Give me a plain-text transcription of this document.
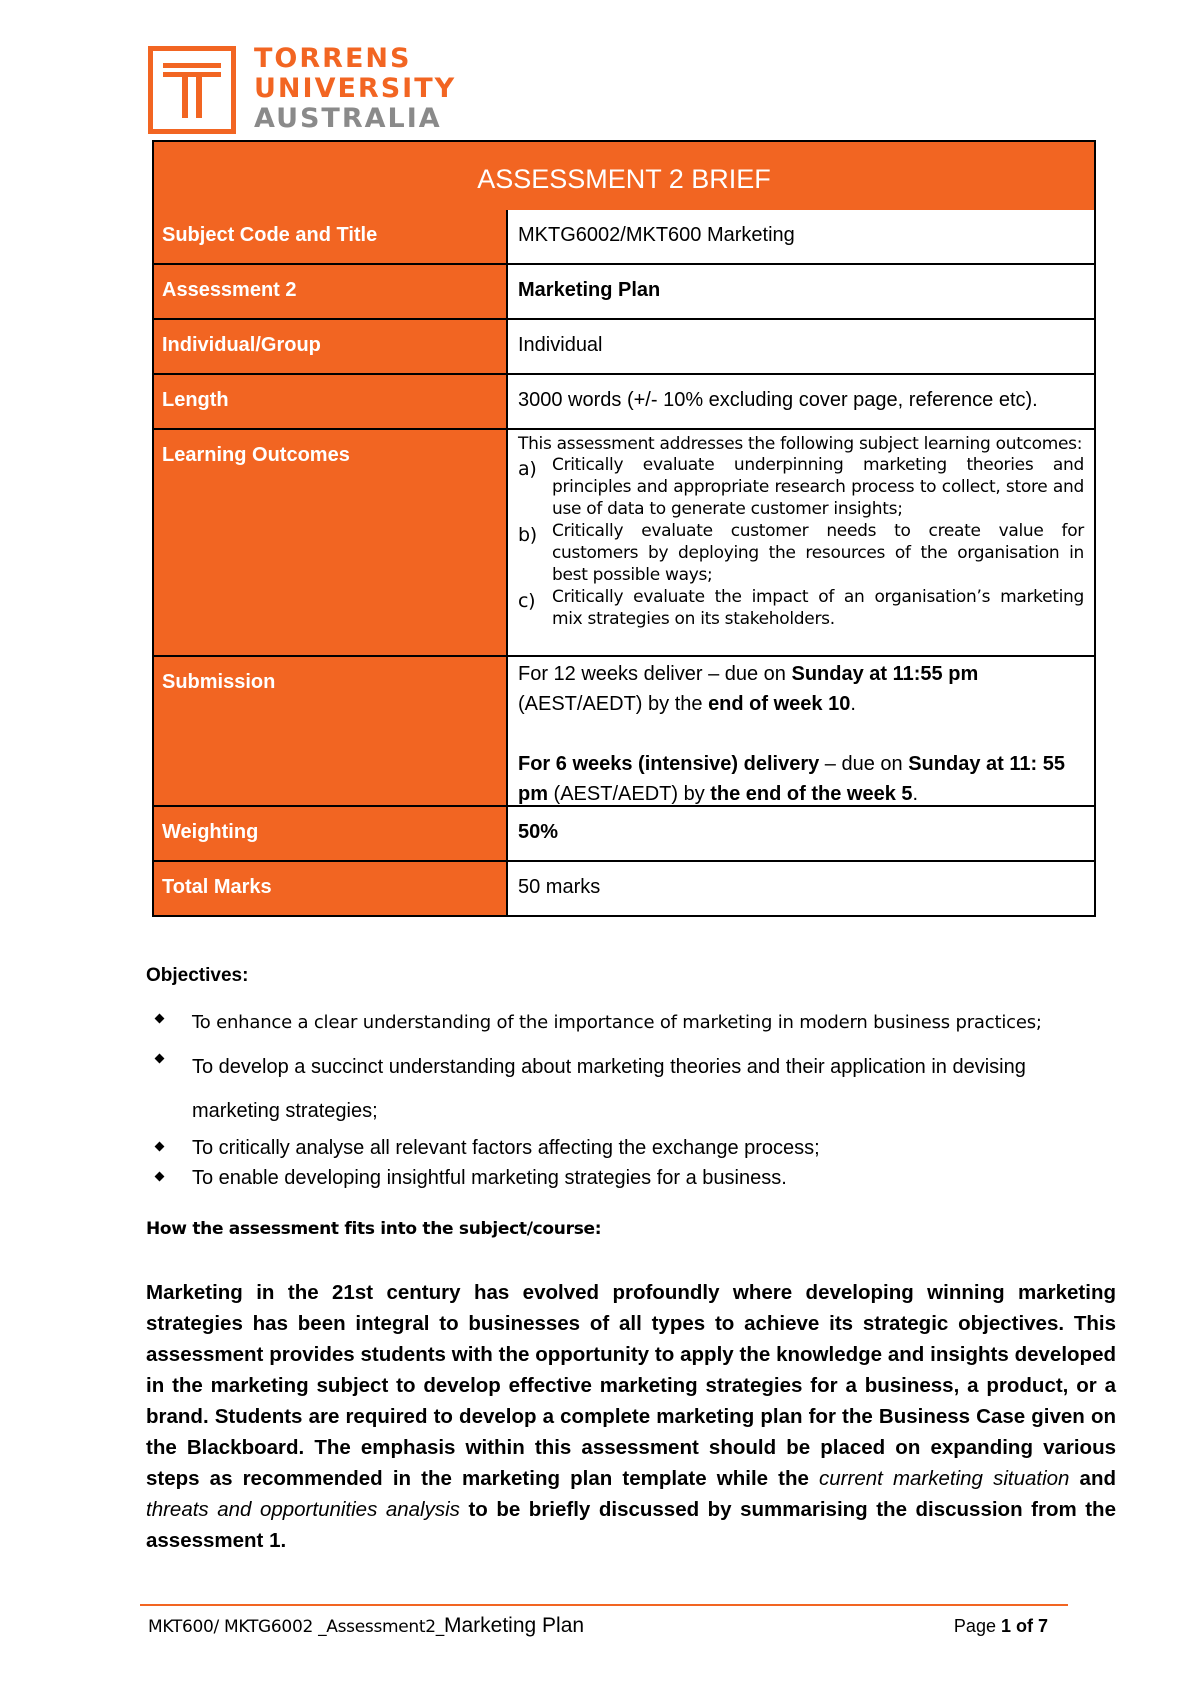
TORRENS
UNIVERSITY
AUSTRALIA
ASSESSMENT 2 BRIEF
Subject Code and Title	MKTG6002/MKT600 Marketing
Assessment 2	Marketing Plan
Individual/Group	Individual
Length	3000 words (+/- 10% excluding cover page, reference etc).
Learning Outcomes	This assessment addresses the following subject learning outcomes:
a) Critically evaluate underpinning marketing theories and principles and appropriate research process to collect, store and use of data to generate customer insights;
b) Critically evaluate customer needs to create value for customers by deploying the resources of the organisation in best possible ways;
c) Critically evaluate the impact of an organisation’s marketing mix strategies on its stakeholders.
Submission	For 12 weeks deliver – due on Sunday at 11:55 pm (AEST/AEDT) by the end of week 10.
For 6 weeks (intensive) delivery – due on Sunday at 11: 55 pm (AEST/AEDT) by the end of the week 5.
Weighting	50%
Total Marks	50 marks
Objectives:
To enhance a clear understanding of the importance of marketing in modern business practices;
To develop a succinct understanding about marketing theories and their application in devising marketing strategies;
To critically analyse all relevant factors affecting the exchange process;
To enable developing insightful marketing strategies for a business.
How the assessment fits into the subject/course:
Marketing in the 21st century has evolved profoundly where developing winning marketing strategies has been integral to businesses of all types to achieve its strategic objectives. This assessment provides students with the opportunity to apply the knowledge and insights developed in the marketing subject to develop effective marketing strategies for a business, a product, or a brand. Students are required to develop a complete marketing plan for the Business Case given on the Blackboard. The emphasis within this assessment should be placed on expanding various steps as recommended in the marketing plan template while the current marketing situation and threats and opportunities analysis to be briefly discussed by summarising the discussion from the assessment 1.
MKT600/ MKTG6002 _Assessment2_Marketing Plan	Page 1 of 7
